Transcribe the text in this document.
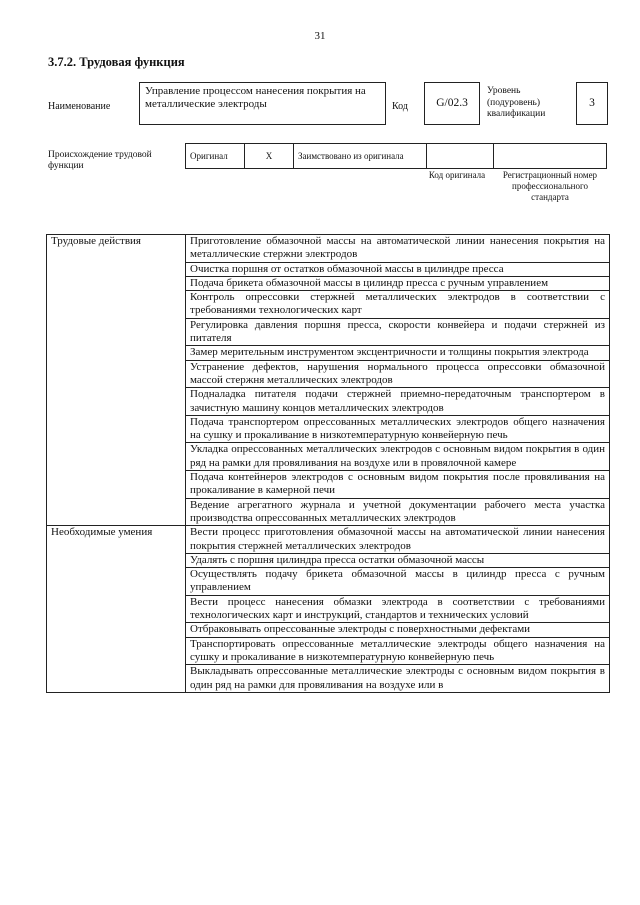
31
3.7.2. Трудовая функция
Наименование
Управление процессом нанесения покрытия на металлические электроды	Код	G/02.3
Уровень (подуровень) квалификации
3
Происхождение трудовой функции
Оригинал	X	Заимствовано из оригинала		
Код оригинала	Регистрационный номер профессионального стандарта
Трудовые действия	Приготовление обмазочной массы на автоматической линии нанесения покрытия на металлические стержни электродов
	Очистка поршня от остатков обмазочной массы в цилиндре пресса
	Подача брикета обмазочной массы в цилиндр пресса с ручным управлением
	Контроль опрессовки стержней металлических электродов в соответствии с требованиями технологических карт
	Регулировка давления поршня пресса, скорости конвейера и подачи стержней из питателя
	Замер мерительным инструментом эксцентричности и толщины покрытия электрода
	Устранение дефектов, нарушения нормального процесса опрессовки обмазочной массой стержня металлических электродов
	Подналадка питателя подачи стержней приемно-передаточным транспортером в зачистную машину концов металлических электродов
	Подача транспортером опрессованных металлических электродов общего назначения на сушку и прокаливание в низкотемпературную конвейерную печь
	Укладка опрессованных металлических электродов с основным видом покрытия в один ряд на рамки для провяливания на воздухе или в провялочной камере
	Подача контейнеров электродов с основным видом покрытия после провяливания на прокаливание в камерной печи
	Ведение агрегатного журнала и учетной документации рабочего места участка производства опрессованных металлических электродов
Необходимые умения	Вести процесс приготовления обмазочной массы на автоматической линии нанесения покрытия стержней металлических электродов
	Удалять с поршня цилиндра пресса остатки обмазочной массы
	Осуществлять подачу брикета обмазочной массы в цилиндр пресса с ручным управлением
	Вести процесс нанесения обмазки электрода в соответствии с требованиями технологических карт и инструкций, стандартов и технических условий
	Отбраковывать опрессованные электроды с поверхностными дефектами
	Транспортировать опрессованные металлические электроды общего назначения на сушку и прокаливание в низкотемпературную конвейерную печь
	Выкладывать опрессованные металлические электроды с основным видом покрытия в один ряд на рамки для провяливания на воздухе или в
